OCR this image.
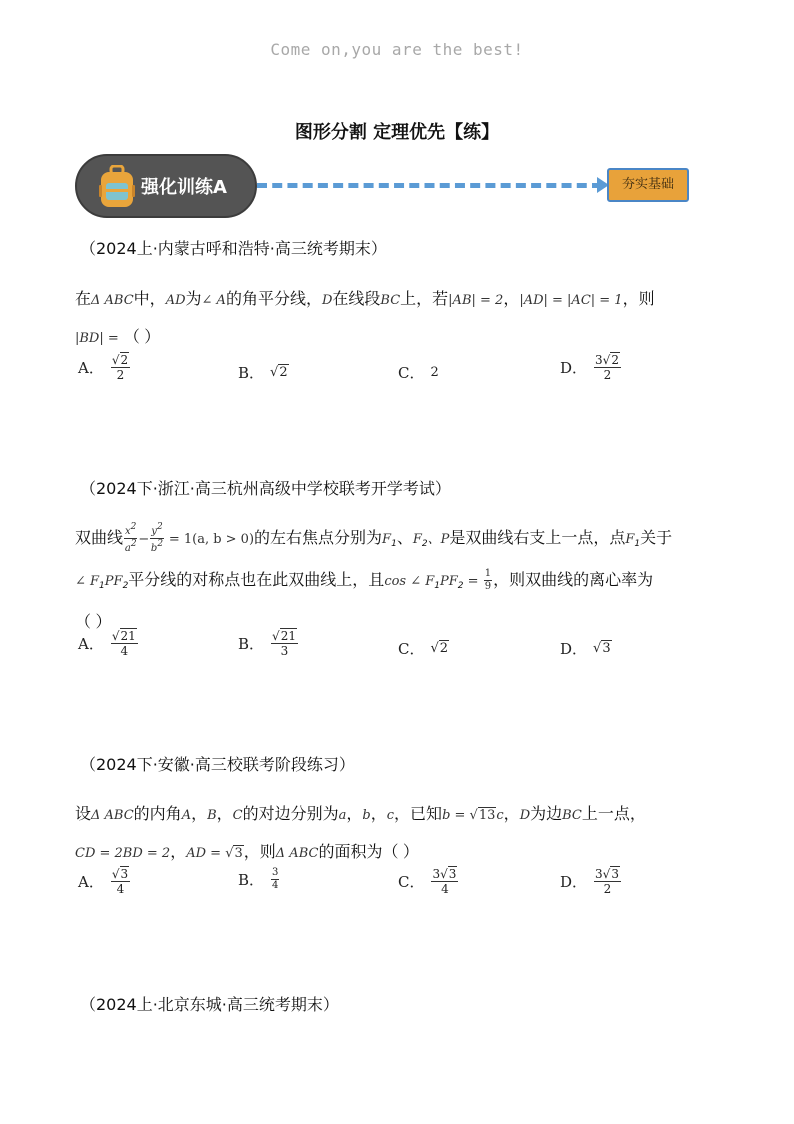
Come on,you are the best!
图形分割 定理优先【练】
强化训练A	夯实基础
（2024上·内蒙古呼和浩特·高三统考期末）
在Δ ABC中，AD为∠ A的角平分线，D在线段BC上，若|AB| = 2，|AD| = |AC| = 1，则
|BD| = （ ）
A． $\frac{√2}{2}$	B． √2	C． 2	D． $\frac{3√2}{2}$
（2024下·浙江·高三杭州高级中学校联考开学考试）
双曲线 $\frac{x2}{a2} - \frac{y2}{b2} = 1(a$, b > 0)的左右焦点分别为$F_1$、$F_2$、P是双曲线右支上一点，点$F_1$关于
∠ $F_1PF_2$平分线的对称点也在此双曲线上，且cos ∠ $F_1PF_2 = \frac{1}{9}$ ，则双曲线的离心率为
（ ）
A． $\frac{√21}{4}$	B． $\frac{√21}{3}$	C． √2	D． √3
（2024下·安徽·高三校联考阶段练习）
设Δ ABC的内角A，B，C的对边分别为a，b，c，已知b = √13c，D为边BC上一点，
CD = 2BD = 2，AD = √3，则Δ ABC的面积为（ ）
A． $\frac{√3}{4}$	B． $\frac{3}{4}$	C． $\frac{3√3}{4}$	D． $\frac{3√3}{2}$
（2024上·北京东城·高三统考期末）
